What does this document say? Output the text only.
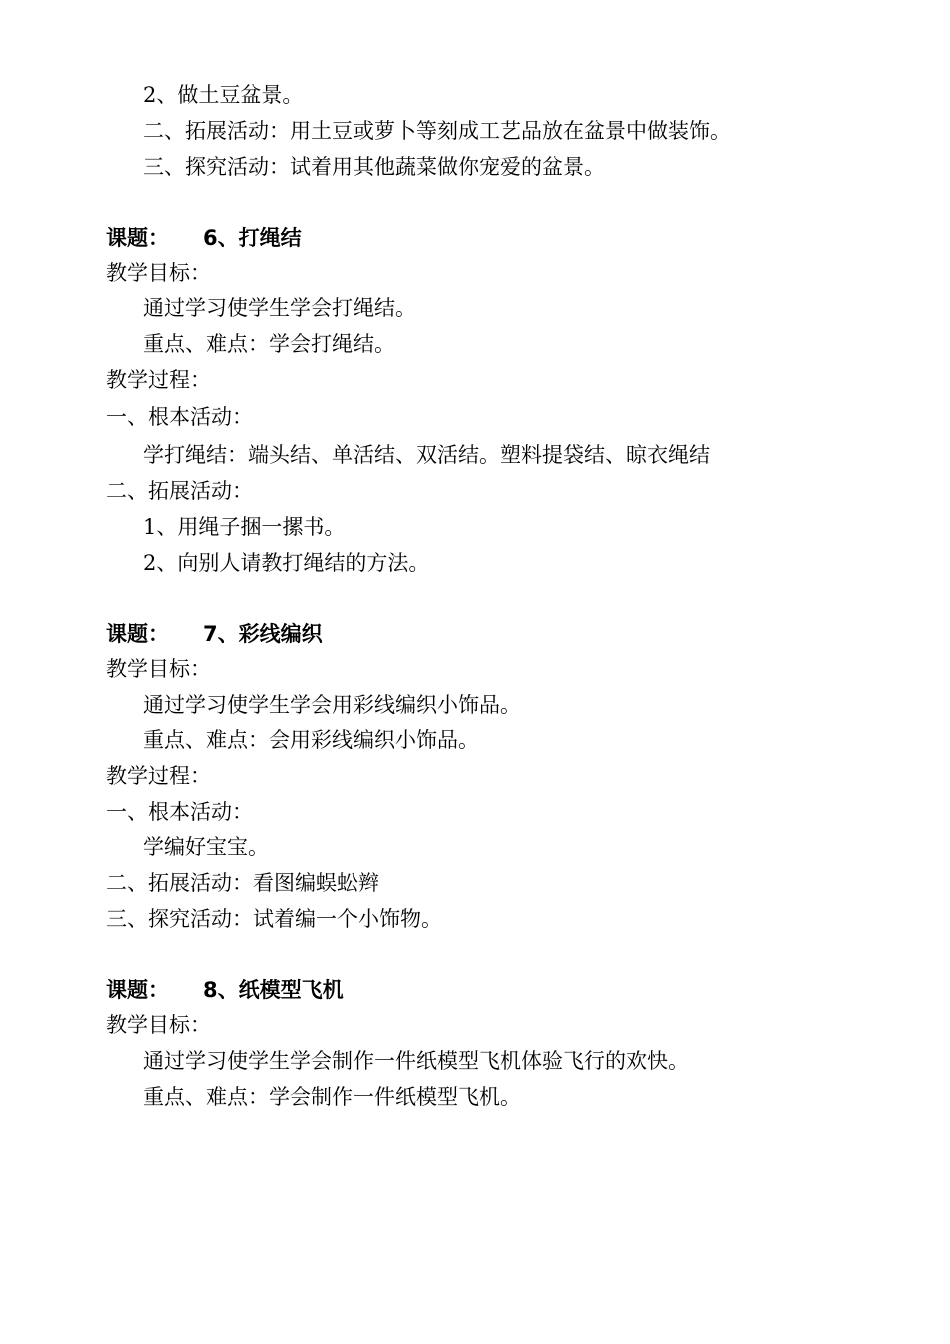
2、做土豆盆景。
二、拓展活动：用土豆或萝卜等刻成工艺品放在盆景中做装饰。
三、探究活动：试着用其他蔬菜做你宠爱的盆景。
课题： 6、打绳结
教学目标：
通过学习使学生学会打绳结。
重点、难点：学会打绳结。
教学过程：
一、根本活动：
学打绳结：端头结、单活结、双活结。塑料提袋结、晾衣绳结
二、拓展活动：
1、用绳子捆一摞书。
2、向别人请教打绳结的方法。
课题： 7、彩线编织
教学目标：
通过学习使学生学会用彩线编织小饰品。
重点、难点：会用彩线编织小饰品。
教学过程：
一、根本活动：
学编好宝宝。
二、拓展活动：看图编蜈蚣辫
三、探究活动：试着编一个小饰物。
课题： 8、纸模型飞机
教学目标：
通过学习使学生学会制作一件纸模型飞机体验飞行的欢快。
重点、难点：学会制作一件纸模型飞机。
